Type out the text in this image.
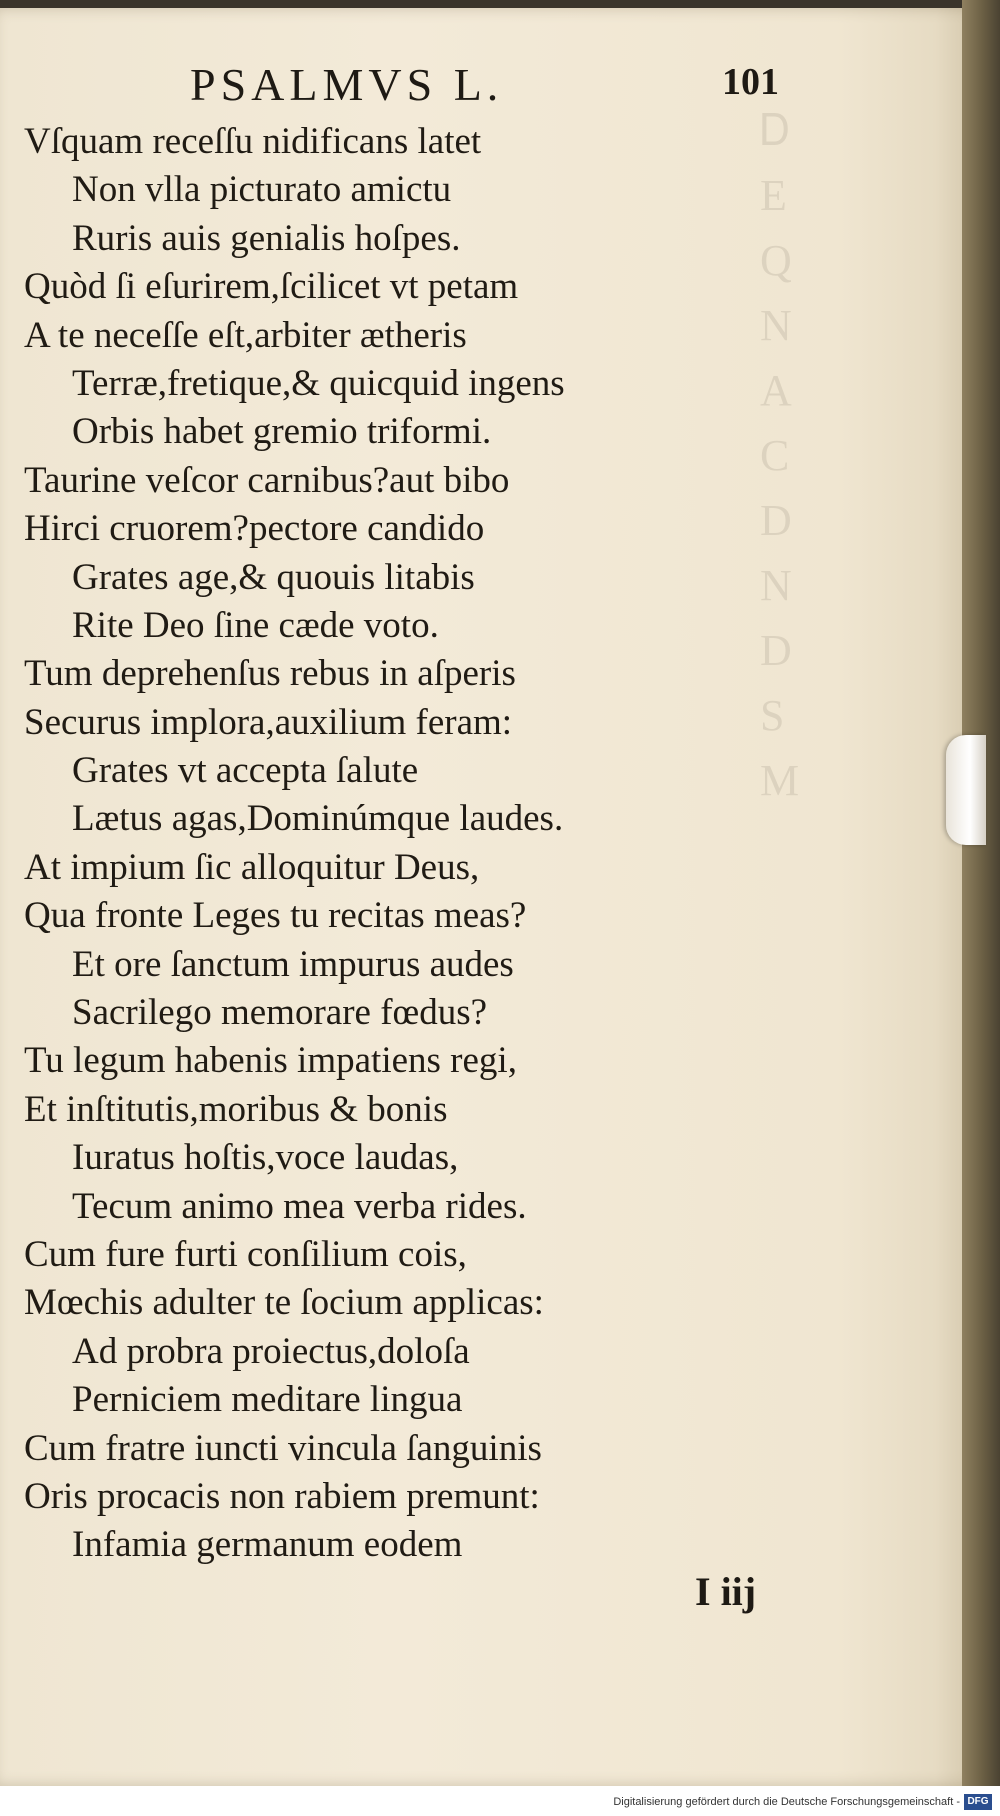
Ꭰ
Ε
Q
Ν
Α
C
D
Ν
D
S
M
PSALMVS L.	101
Vſquam receſſu nidificans latet
Non vlla picturato amictu
Ruris auis genialis hoſpes.
Quòd ſi eſurirem,ſcilicet vt petam
A te neceſſe eſt,arbiter ætheris
Terræ,fretique,& quicquid ingens
Orbis habet gremio triformi.
Taurine veſcor carnibus?aut bibo
Hirci cruorem?pectore candido
Grates age,& quouis litabis
Rite Deo ſine cæde voto.
Tum deprehenſus rebus in aſperis
Securus implora,auxilium feram:
Grates vt accepta ſalute
Lætus agas,Dominúmque laudes.
At impium ſic alloquitur Deus,
Qua fronte Leges tu recitas meas?
Et ore ſanctum impurus audes
Sacrilego memorare fœdus?
Tu legum habenis impatiens regi,
Et inſtitutis,moribus & bonis
Iuratus hoſtis,voce laudas,
Tecum animo mea verba rides.
Cum fure furti conſilium cois,
Mœchis adulter te ſocium applicas:
Ad probra proiectus,doloſa
Perniciem meditare lingua
Cum fratre iuncti vincula ſanguinis
Oris procacis non rabiem premunt:
Infamia germanum eodem
I iij
Digitalisierung gefördert durch die Deutsche Forschungsgemeinschaft - DFG
